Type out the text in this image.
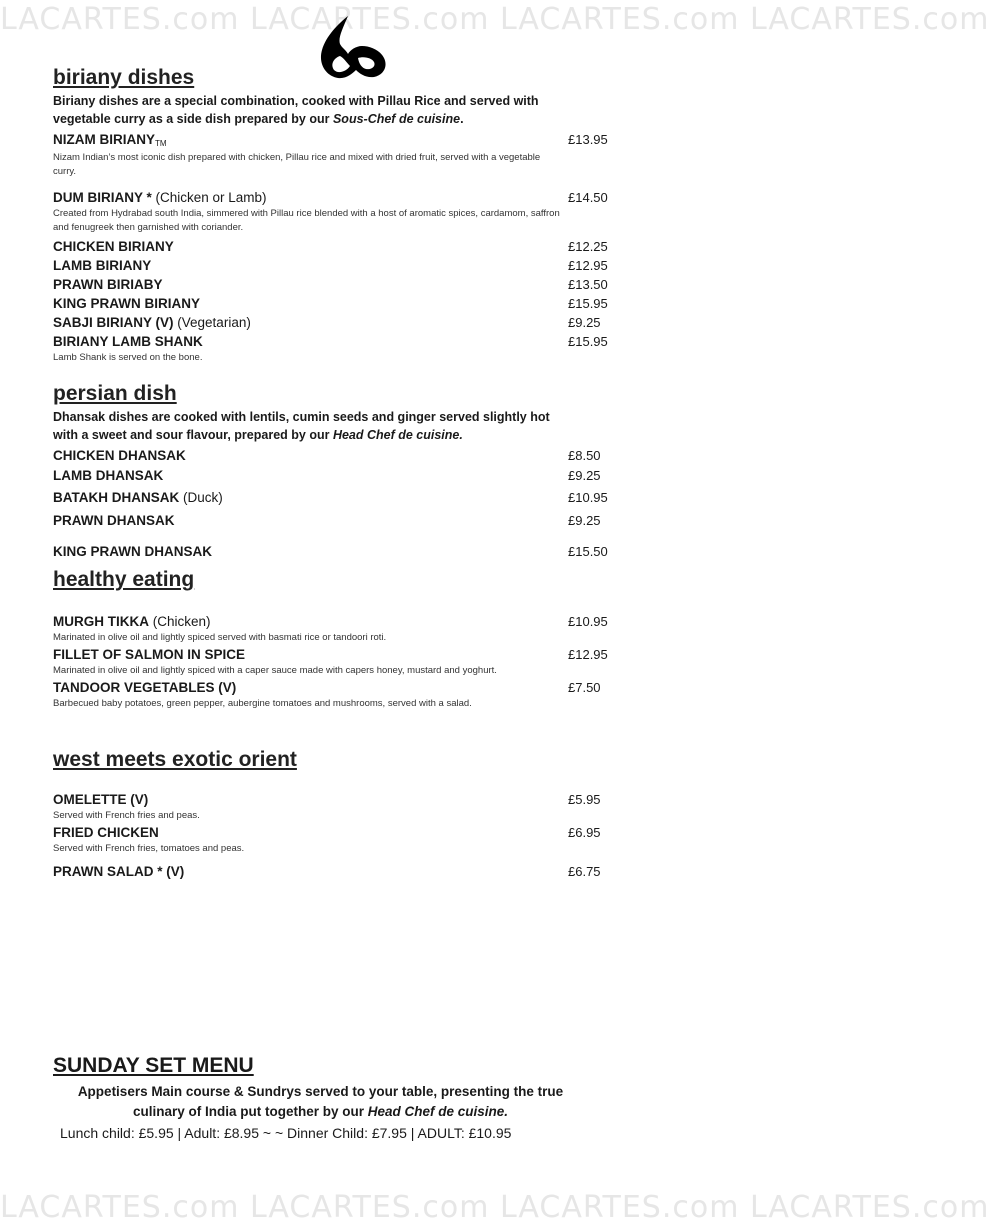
LACARTES.com LACARTES.com LACARTES.com LACARTES.com
LACARTES.com LACARTES.com LACARTES.com LACARTES.com
biriany dishes
Biriany dishes are a special combination, cooked with Pillau Rice and served with vegetable curry as a side dish prepared by our Sous-Chef de cuisine.
NIZAM $BIRIANY_{TM}$	£13.95
Nizam Indian’s most iconic dish prepared with chicken, Pillau rice and mixed with dried fruit, served with a vegetable curry.
DUM BIRIANY * (Chicken or Lamb)	£14.50
Created from Hydrabad south India, simmered with Pillau rice blended with a host of aromatic spices, cardamom, saffron and fenugreek then garnished with coriander.
CHICKEN BIRIANY	£12.25
LAMB BIRIANY	£12.95
PRAWN BIRIABY	£13.50
KING PRAWN BIRIANY	£15.95
SABJI BIRIANY (V) (Vegetarian)	£9.25
BIRIANY LAMB SHANK	£15.95
Lamb Shank is served on the bone.
persian dish
Dhansak dishes are cooked with lentils, cumin seeds and ginger served slightly hot with a sweet and sour flavour, prepared by our Head Chef de cuisine.
CHICKEN DHANSAK	£8.50
LAMB DHANSAK	£9.25
BATAKH DHANSAK (Duck)	£10.95
PRAWN DHANSAK	£9.25
KING PRAWN DHANSAK	£15.50
healthy eating
MURGH TIKKA (Chicken)	£10.95
Marinated in olive oil and lightly spiced served with basmati rice or tandoori roti.
FILLET OF SALMON IN SPICE	£12.95
Marinated in olive oil and lightly spiced with a caper sauce made with capers honey, mustard and yoghurt.
TANDOOR VEGETABLES (V)	£7.50
Barbecued baby potatoes, green pepper, aubergine tomatoes and mushrooms, served with a salad.
west meets exotic orient
OMELETTE (V)	£5.95
Served with French fries and peas.
FRIED CHICKEN	£6.95
Served with French fries, tomatoes and peas.
PRAWN SALAD * (V)	£6.75
SUNDAY SET MENU
Appetisers Main course & Sundrys served to your table, presenting the true
culinary of India put together by our Head Chef de cuisine.
Lunch child: £5.95 | Adult: £8.95 ~ ~ Dinner Child: £7.95 | ADULT: £10.95
